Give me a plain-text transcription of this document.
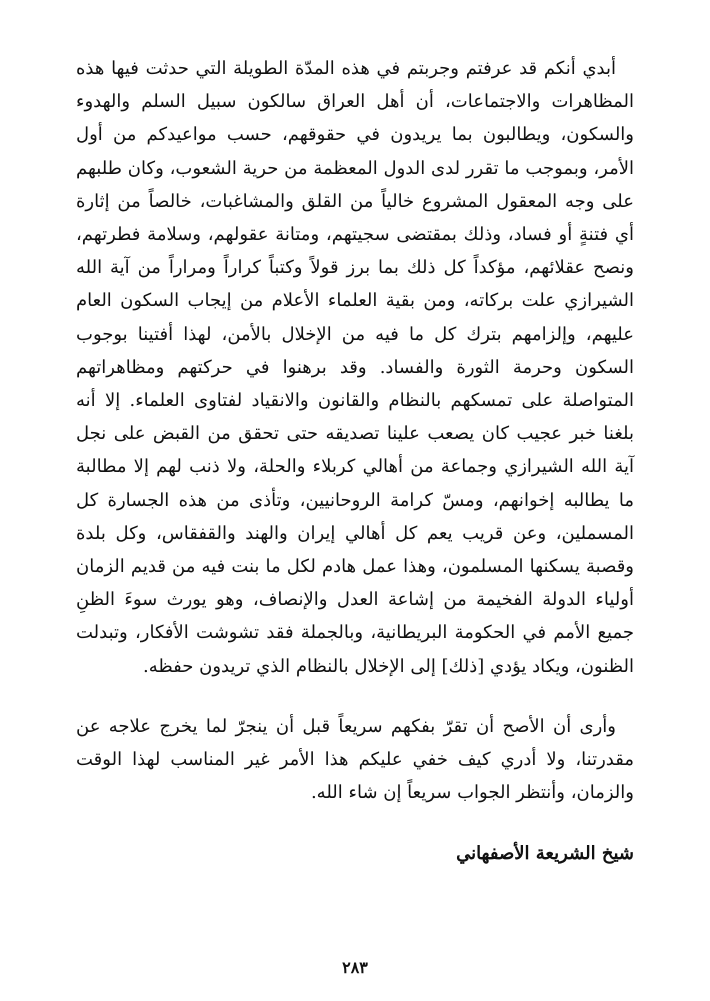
أبدي أنكم قد عرفتم وجربتم في هذه المدّة الطويلة التي حدثت فيها هذه المظاهرات والاجتماعات، أن أهل العراق سالكون سبيل السلم والهدوء والسكون، ويطالبون بما يريدون في حقوقهم، حسب مواعيدكم من أول الأمر، وبموجب ما تقرر لدى الدول المعظمة من حرية الشعوب، وكان طلبهم على وجه المعقول المشروع خالياً من القلق والمشاغبات، خالصاً من إثارة أي فتنةٍ أو فساد، وذلك بمقتضى سجيتهم، ومتانة عقولهم، وسلامة فطرتهم، ونصح عقلائهم، مؤكداً كل ذلك بما برز قولاً وكتباً كراراً ومراراً من آية الله الشيرازي علت بركاته، ومن بقية العلماء الأعلام من إيجاب السكون العام عليهم، وإلزامهم بترك كل ما فيه من الإخلال بالأمن، لهذا أفتينا بوجوب السكون وحرمة الثورة والفساد. وقد برهنوا في حركتهم ومظاهراتهم المتواصلة على تمسكهم بالنظام والقانون والانقياد لفتاوى العلماء. إلا أنه بلغنا خبر عجيب كان يصعب علينا تصديقه حتى تحقق من القبض على نجل آية الله الشيرازي وجماعة من أهالي كربلاء والحلة، ولا ذنب لهم إلا مطالبة ما يطالبه إخوانهم، ومسّ كرامة الروحانيين، وتأذى من هذه الجسارة كل المسملين، وعن قريب يعم كل أهالي إيران والهند والقفقاس، وكل بلدة وقصبة يسكنها المسلمون، وهذا عمل هادم لكل ما بنت فيه من قديم الزمان أولياء الدولة الفخيمة من إشاعة العدل والإنصاف، وهو يورث سوءَ الظنِ جميع الأمم في الحكومة البريطانية، وبالجملة فقد تشوشت الأفكار، وتبدلت الظنون، ويكاد يؤدي [ذلك] إلى الإخلال بالنظام الذي تريدون حفظه.

وأرى أن الأصح أن تقرّ بفكهم سريعاً قبل أن ينجرّ لما يخرج علاجه عن مقدرتنا، ولا أدري كيف خفي عليكم هذا الأمر غير المناسب لهذا الوقت والزمان، وأنتظر الجواب سريعاً إن شاء الله.

شيخ الشريعة الأصفهاني
٢٨٣
